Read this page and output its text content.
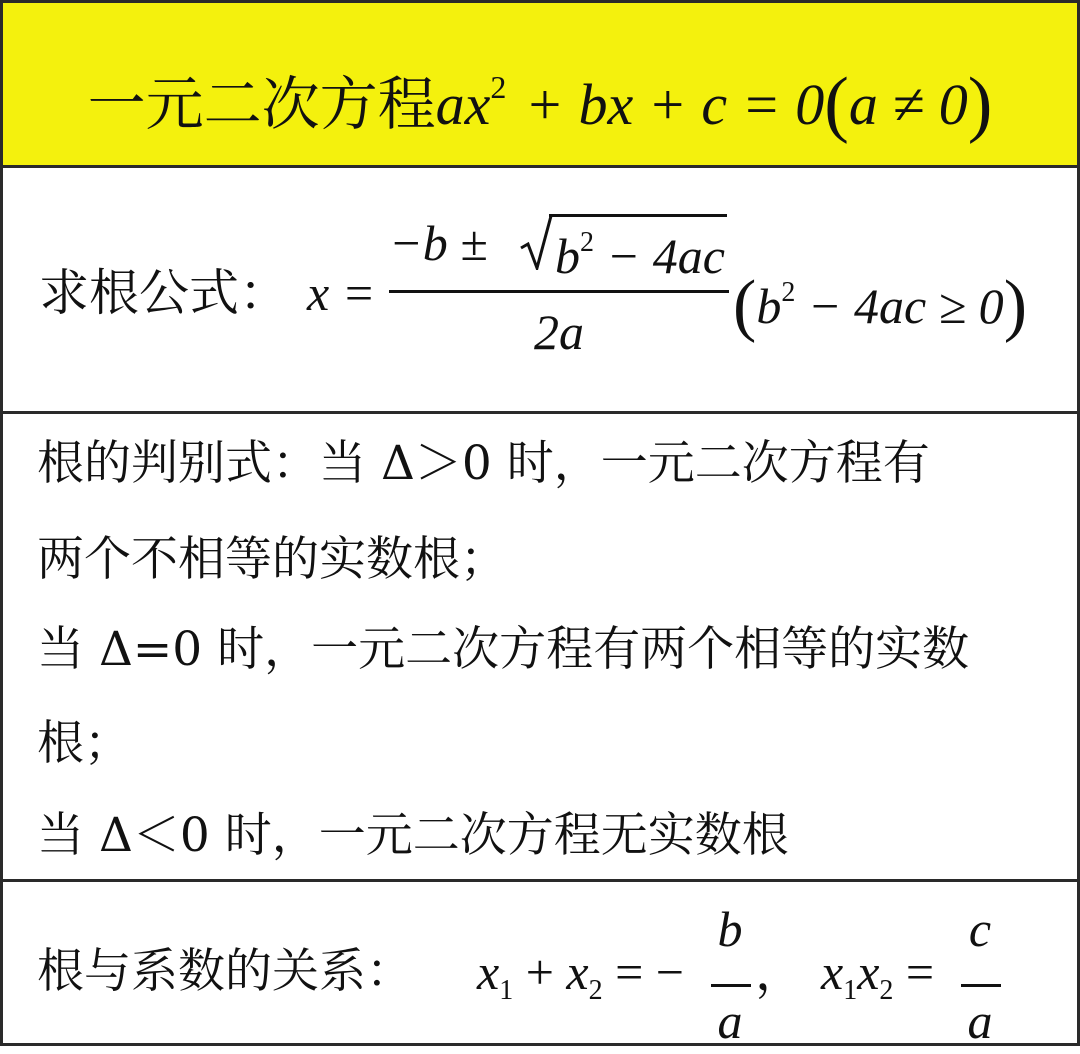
一元二次方程$ax^2$ + bx + c = 0(a ≠ 0)
求根公式： x =
$-b \pm b^2 - 4ac$
2a	$(b^2 - 4ac \ge 0)$
根的判别式：当 Δ＞0 时，一元二次方程有
两个不相等的实数根；
当 Δ=0 时，一元二次方程有两个相等的实数
根；
当 Δ＜0 时，一元二次方程无实数根
根与系数的关系： $x_1 + x_2$ = −
b
a
， $x_1x_2$ =
c
a
